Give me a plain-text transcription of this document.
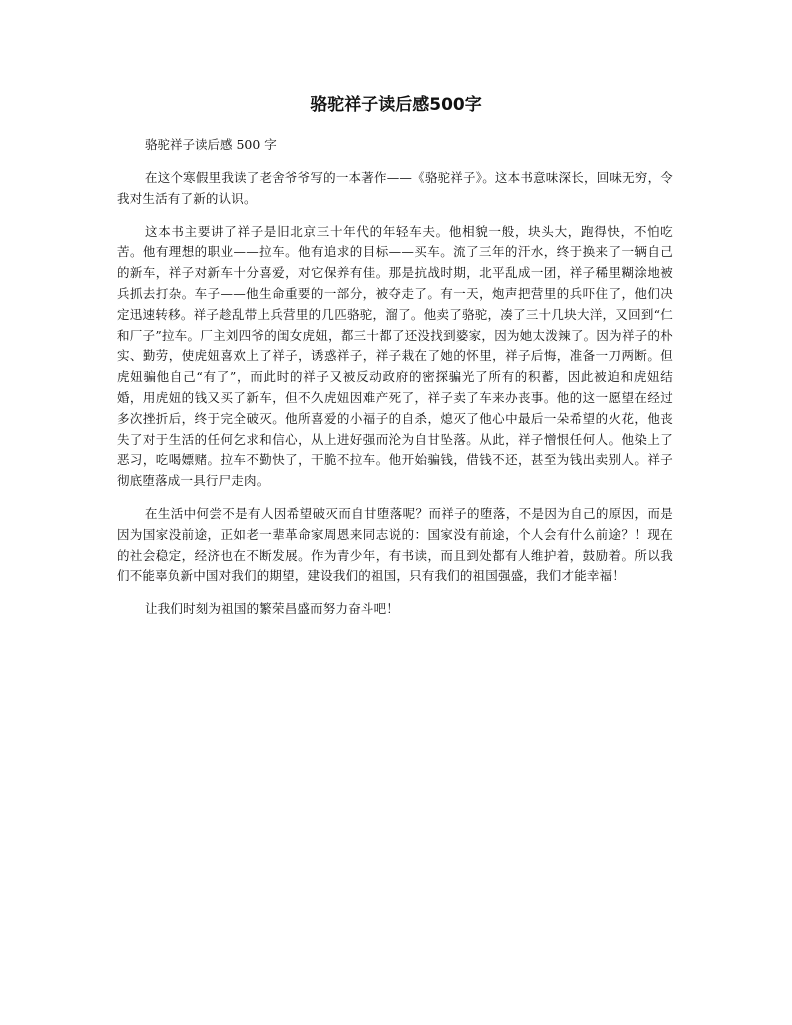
骆驼祥子读后感500字
骆驼祥子读后感 500 字

在这个寒假里我读了老舍爷爷写的一本著作——《骆驼祥子》。这本书意味深长，回味无穷，令我对生活有了新的认识。

这本书主要讲了祥子是旧北京三十年代的年轻车夫。他相貌一般，块头大，跑得快，不怕吃苦。他有理想的职业——拉车。他有追求的目标——买车。流了三年的汗水，终于换来了一辆自己的新车，祥子对新车十分喜爱，对它保养有佳。那是抗战时期，北平乱成一团，祥子稀里糊涂地被兵抓去打杂。车子——他生命重要的一部分，被夺走了。有一天，炮声把营里的兵吓住了，他们决定迅速转移。祥子趁乱带上兵营里的几匹骆驼，溜了。他卖了骆驼，凑了三十几块大洋，又回到“仁和厂子”拉车。厂主刘四爷的闺女虎妞，都三十都了还没找到婆家，因为她太泼辣了。因为祥子的朴实、勤劳，使虎妞喜欢上了祥子，诱惑祥子，祥子栽在了她的怀里，祥子后悔，准备一刀两断。但虎妞骗他自己“有了”，而此时的祥子又被反动政府的密探骗光了所有的积蓄，因此被迫和虎妞结婚，用虎妞的钱又买了新车，但不久虎妞因难产死了，祥子卖了车来办丧事。他的这一愿望在经过多次挫折后，终于完全破灭。他所喜爱的小福子的自杀，熄灭了他心中最后一朵希望的火花，他丧失了对于生活的任何乞求和信心，从上进好强而沦为自甘坠落。从此，祥子憎恨任何人。他染上了恶习，吃喝嫖赌。拉车不勤快了，干脆不拉车。他开始骗钱，借钱不还，甚至为钱出卖别人。祥子彻底堕落成一具行尸走肉。

在生活中何尝不是有人因希望破灭而自甘堕落呢？而祥子的堕落，不是因为自己的原因，而是因为国家没前途，正如老一辈革命家周恩来同志说的：国家没有前途，个人会有什么前途？！现在的社会稳定，经济也在不断发展。作为青少年，有书读，而且到处都有人维护着，鼓励着。所以我们不能辜负新中国对我们的期望，建设我们的祖国，只有我们的祖国强盛，我们才能幸福！

让我们时刻为祖国的繁荣昌盛而努力奋斗吧！
